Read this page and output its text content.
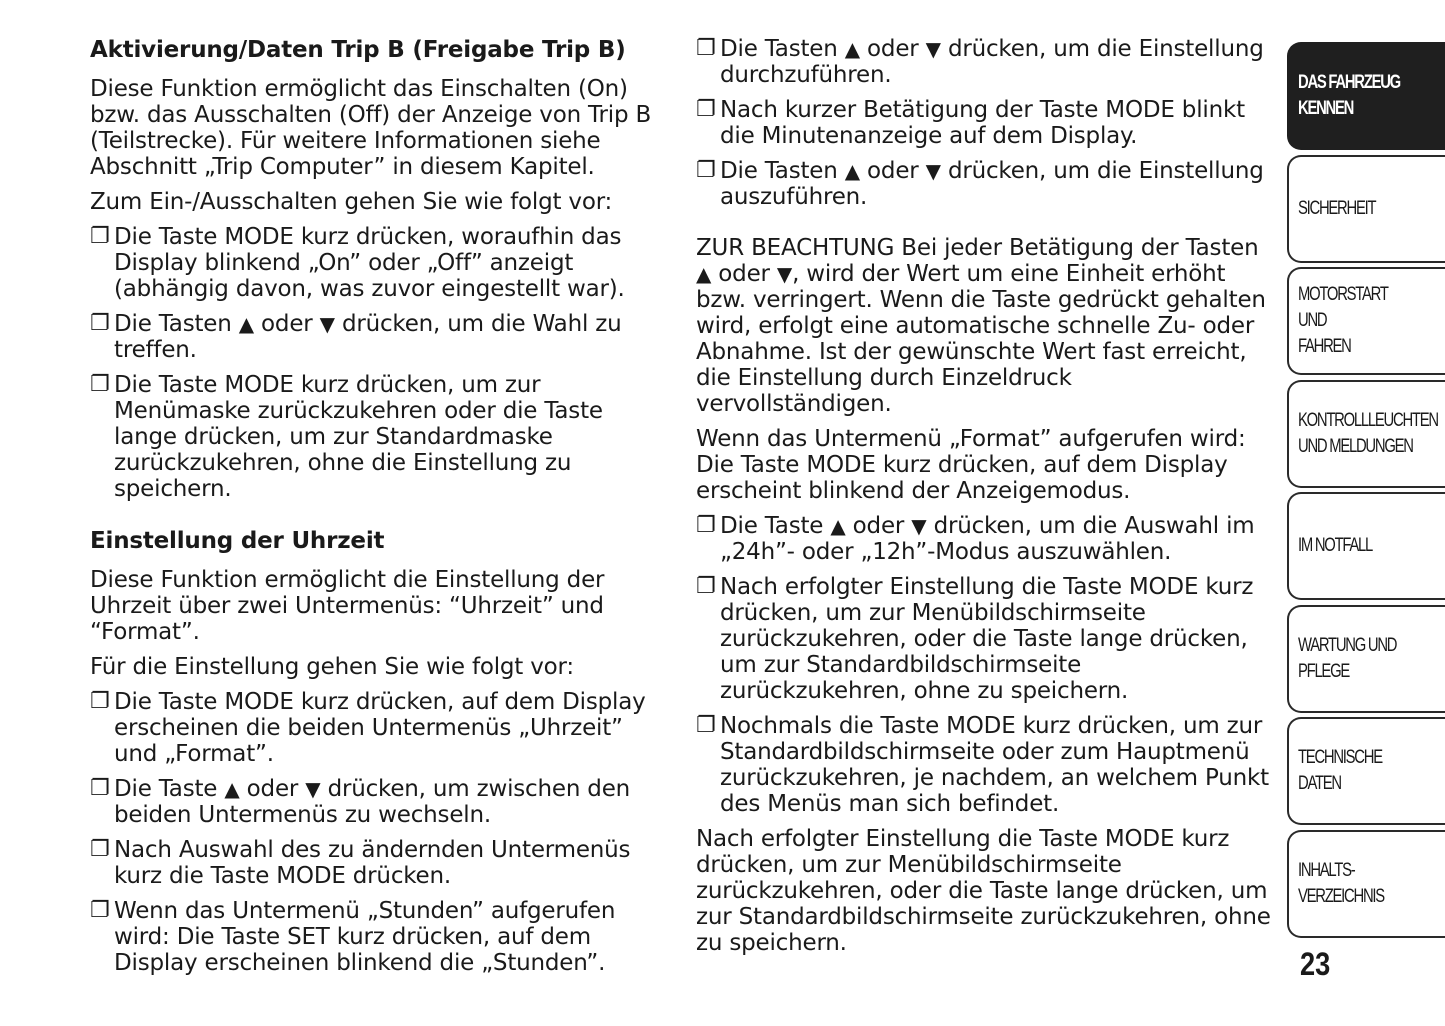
Aktivierung/Daten Trip B (Freigabe Trip B)

Diese Funktion ermöglicht das Einschalten (On) bzw. das Ausschalten (Off) der Anzeige von Trip B (Teilstrecke). Für weitere Informationen siehe Abschnitt „Trip Computer” in diesem Kapitel.

Zum Ein-/Ausschalten gehen Sie wie folgt vor:

❐ Die Taste MODE kurz drücken, woraufhin das Display blinkend „On” oder „Off” anzeigt (abhängig davon, was zuvor eingestellt war).
❐ Die Tasten ▲ oder ▼ drücken, um die Wahl zu treffen.
❐ Die Taste MODE kurz drücken, um zur Menümaske zurückzukehren oder die Taste lange drücken, um zur Standardmaske zurückzukehren, ohne die Einstellung zu speichern.
Einstellung der Uhrzeit

Diese Funktion ermöglicht die Einstellung der Uhrzeit über zwei Untermenüs: “Uhrzeit” und “Format”.

Für die Einstellung gehen Sie wie folgt vor:

❐ Die Taste MODE kurz drücken, auf dem Display erscheinen die beiden Untermenüs „Uhrzeit” und „Format”.
❐ Die Taste ▲ oder ▼ drücken, um zwischen den beiden Untermenüs zu wechseln.
❐ Nach Auswahl des zu ändernden Untermenüs kurz die Taste MODE drücken.
❐ Wenn das Untermenü „Stunden” aufgerufen wird: Die Taste SET kurz drücken, auf dem Display erscheinen blinkend die „Stunden”.
❐ Die Tasten ▲ oder ▼ drücken, um die Einstellung durchzuführen.
❐ Nach kurzer Betätigung der Taste MODE blinkt die Minutenanzeige auf dem Display.
❐ Die Tasten ▲ oder ▼ drücken, um die Einstellung auszuführen.

ZUR BEACHTUNG Bei jeder Betätigung der Tasten ▲ oder ▼, wird der Wert um eine Einheit erhöht bzw. verringert. Wenn die Taste gedrückt gehalten wird, erfolgt eine automatische schnelle Zu- oder Abnahme. Ist der gewünschte Wert fast erreicht, die Einstellung durch Einzeldruck vervollständigen.

Wenn das Untermenü „Format” aufgerufen wird: Die Taste MODE kurz drücken, auf dem Display erscheint blinkend der Anzeigemodus.

❐ Die Taste ▲ oder ▼ drücken, um die Auswahl im „24h”- oder „12h”-Modus auszuwählen.
❐ Nach erfolgter Einstellung die Taste MODE kurz drücken, um zur Menübildschirmseite zurückzukehren, oder die Taste lange drücken, um zur Standardbildschirmseite zurückzukehren, ohne zu speichern.
❐ Nochmals die Taste MODE kurz drücken, um zur Standardbildschirmseite oder zum Hauptmenü zurückzukehren, je nachdem, an welchem Punkt des Menüs man sich befindet.

Nach erfolgter Einstellung die Taste MODE kurz drücken, um zur Menübildschirmseite zurückzukehren, oder die Taste lange drücken, um zur Standardbildschirmseite zurückzukehren, ohne zu speichern.

DAS FAHRZEUG
KENNEN
SICHERHEIT
MOTORSTART UND
FAHREN
KONTROLLLEUCHTEN
UND MELDUNGEN
IM NOTFALL
WARTUNG UND
PFLEGE
TECHNISCHE DATEN
INHALTS-
VERZEICHNIS
23
